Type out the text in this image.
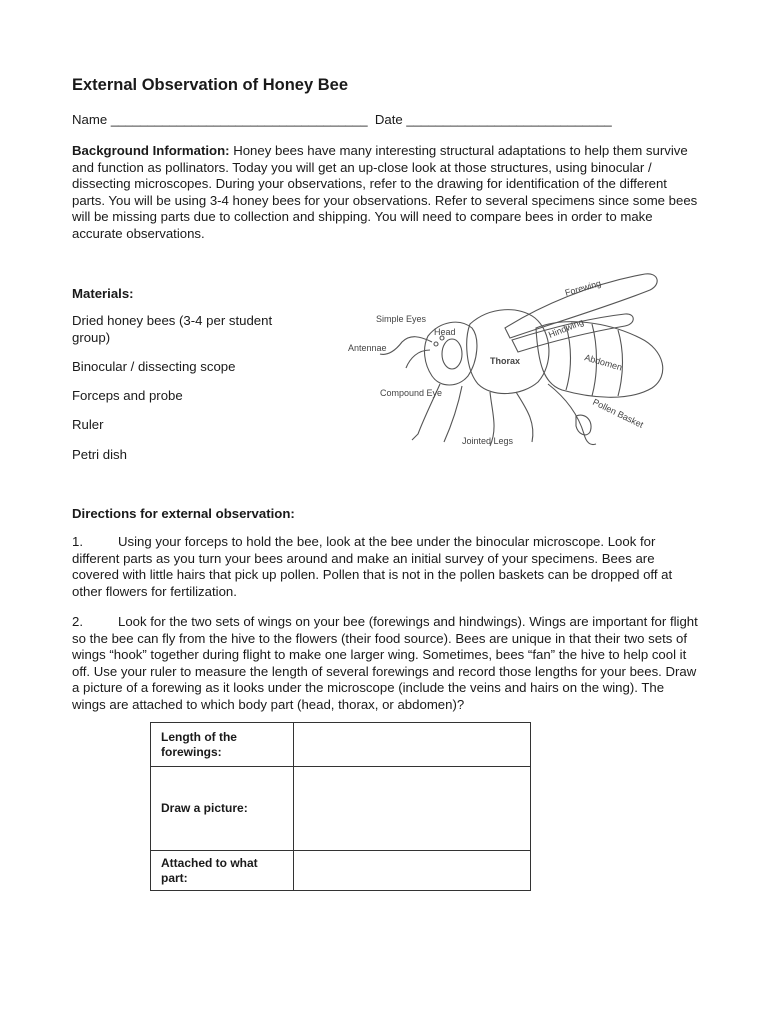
External Observation of Honey Bee
Name ___________________________________  Date ____________________________

Background Information: Honey bees have many interesting structural adaptations to help them survive and function as pollinators. Today you will get an up-close look at those structures, using binocular / dissecting microscopes. During your observations, refer to the drawing for identification of the different parts. You will be using 3-4 honey bees for your observations. Refer to several specimens since some bees will be missing parts due to collection and shipping. You will need to compare bees in order to make accurate observations.

Materials:
Dried honey bees (3-4 per student group)
Binocular / dissecting scope
Forceps and probe
Ruler
Petri dish
Forewing
Simple Eyes
Head
Antennae
Hindwing
Thorax	Abdomen
Compound Eye
Pollen Basket
Jointed Legs
Directions for external observation:

1.	Using your forceps to hold the bee, look at the bee under the binocular microscope. Look for different parts as you turn your bees around and make an initial survey of your specimens. Bees are covered with little hairs that pick up pollen. Pollen that is not in the pollen baskets can be dropped off at other flowers for fertilization.

2.	Look for the two sets of wings on your bee (forewings and hindwings). Wings are important for flight so the bee can fly from the hive to the flowers (their food source). Bees are unique in that their two sets of wings “hook” together during flight to make one larger wing. Sometimes, bees “fan” the hive to help cool it off. Use your ruler to measure the length of several forewings and record those lengths for your bees. Draw a picture of a forewing as it looks under the microscope (include the veins and hairs on the wing). The wings are attached to which body part (head, thorax, or abdomen)?

Length of the forewings:	
Draw a picture:	
Attached to what part:	
